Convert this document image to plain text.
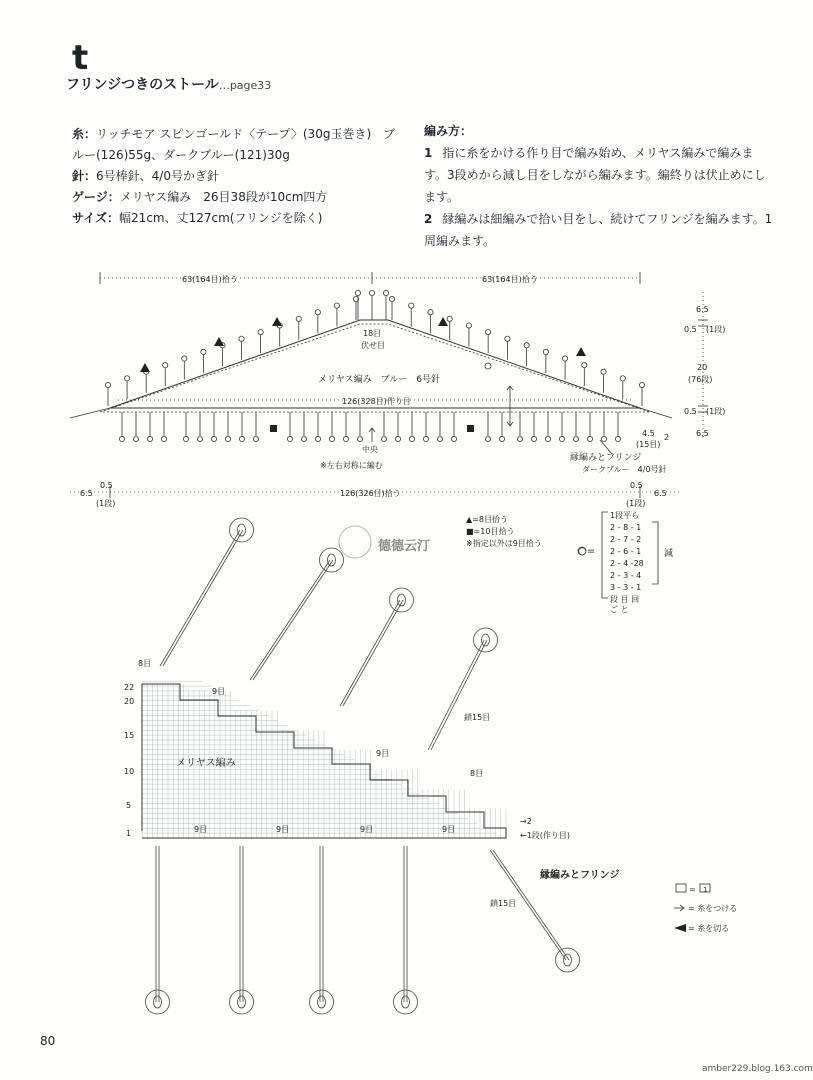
t
フリンジつきのストール…page33
糸：リッチモア スピンゴールド〈テープ〉(30g玉巻き)　ブ
ルー(126)55g、ダークブルー(121)30g
針：6号棒針、4/0号かぎ針
ゲージ：メリヤス編み　26目38段が10cm四方
サイズ：幅21cm、丈127cm(フリンジを除く)
編み方：
1 指に糸をかける作り目で編み始め、メリヤス編みで編みます。3段めから減し目をしながら編みます。編終りは伏止めにします。
2 縁編みは細編みで拾い目をし、続けてフリンジを編みます。1周編みます。
63(164目)拾う	63(164目)拾う
18目
伏せ目
メリヤス編み　ブルー　6号針
126(328目)作り目
中央
※左右対称に編む
縁編みとフリンジ
ダークブルー　4/0号針
6.5
0.5 (1段)
20
(76段)
0.5 (1段)
6.5
4.5
(15目)
2
126(326目)拾う
6.5
0.5
(1段)
0.5
6.5
(1段)
▲=8目拾う
■=10目拾う
※指定以外は9目拾う
○=
1段平ら
2 - 8 - 1
2 - 7 - 2
2 - 6 - 1
2 - 4 -28
2 - 3 - 4
3 - 3 - 1
段 目 回
ご と
減
德德云汀
メリヤス編み
22
20
15
10
5
1
8目
9目
9目	9目	9目	9目
9目
8目
鎖15目
鎖15目
→2
←1段(作り目)
縁編みとフリンジ
= 1
= 糸をつける
= 糸を切る
80
amber229.blog.163.com
